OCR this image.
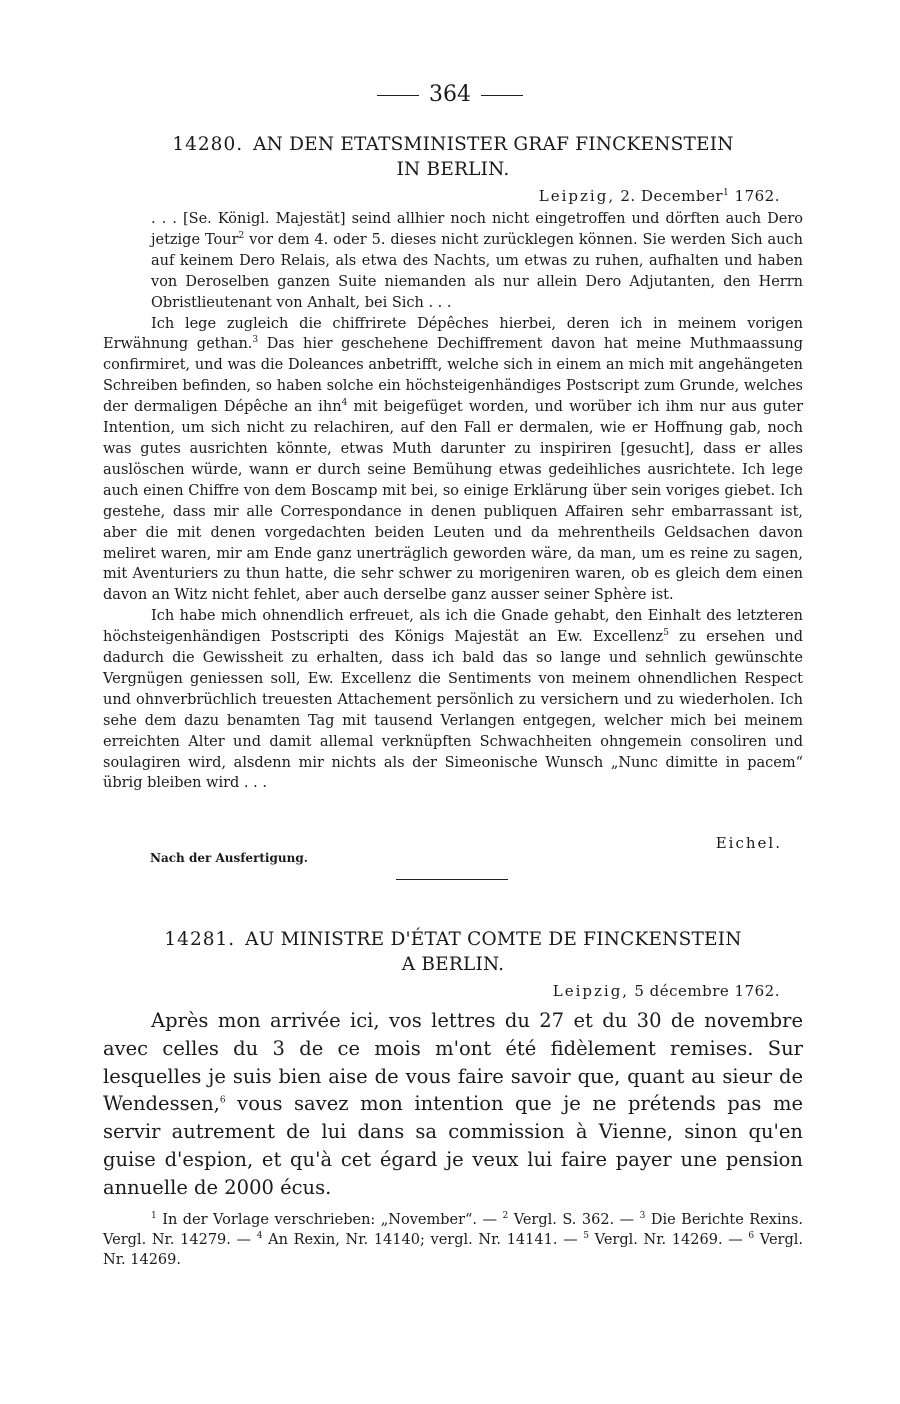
364
14280. AN DEN ETATSMINISTER GRAF FINCKENSTEIN
IN BERLIN.
Leipzig, 2. December$^1$ 1762.

. . . [Se. Königl. Majestät] seind allhier noch nicht eingetroffen und dörften auch Dero jetzige Tour$^2$ vor dem 4. oder 5. dieses nicht zurücklegen können. Sie werden Sich auch auf keinem Dero Relais, als etwa des Nachts, um etwas zu ruhen, aufhalten und haben von Deroselben ganzen Suite niemanden als nur allein Dero Adjutanten, den Herrn Obristlieutenant von Anhalt, bei Sich . . .

Ich lege zugleich die chiffrirete Dépêches hierbei, deren ich in meinem vorigen Erwähnung gethan.$^3$ Das hier geschehene Dechiffrement davon hat meine Muthmaassung confirmiret, und was die Doleances anbetrifft, welche sich in einem an mich mit angehängeten Schreiben befinden, so haben solche ein höchsteigenhändiges Postscript zum Grunde, welches der dermaligen Dépêche an ihn$^4$ mit beigefüget worden, und worüber ich ihm nur aus guter Intention, um sich nicht zu relachiren, auf den Fall er dermalen, wie er Hoffnung gab, noch was gutes ausrichten könnte, etwas Muth darunter zu inspiriren [gesucht], dass er alles auslöschen würde, wann er durch seine Bemühung etwas gedeihliches ausrichtete. Ich lege auch einen Chiffre von dem Boscamp mit bei, so einige Erklärung über sein voriges giebet. Ich gestehe, dass mir alle Correspondance in denen publiquen Affairen sehr embarrassant ist, aber die mit denen vorgedachten beiden Leuten und da mehrentheils Geldsachen davon meliret waren, mir am Ende ganz unerträglich geworden wäre, da man, um es reine zu sagen, mit Aventuriers zu thun hatte, die sehr schwer zu morigeniren waren, ob es gleich dem einen davon an Witz nicht fehlet, aber auch derselbe ganz ausser seiner Sphère ist.

Ich habe mich ohnendlich erfreuet, als ich die Gnade gehabt, den Einhalt des letzteren höchsteigenhändigen Postscripti des Königs Majestät an Ew. Excellenz$^5$ zu ersehen und dadurch die Gewissheit zu erhalten, dass ich bald das so lange und sehnlich gewünschte Vergnügen geniessen soll, Ew. Excellenz die Sentiments von meinem ohnendlichen Respect und ohnverbrüchlich treuesten Attachement persönlich zu versichern und zu wiederholen. Ich sehe dem dazu benamten Tag mit tausend Verlangen entgegen, welcher mich bei meinem erreichten Alter und damit allemal verknüpften Schwachheiten ohngemein consoliren und soulagiren wird, alsdenn mir nichts als der Simeonische Wunsch „Nunc dimitte in pacem“ übrig bleiben wird . . .

Eichel.
Nach der Ausfertigung.
14281. AU MINISTRE D'ÉTAT COMTE DE FINCKENSTEIN
A BERLIN.
Leipzig, 5 décembre 1762.

Après mon arrivée ici, vos lettres du 27 et du 30 de novembre avec celles du 3 de ce mois m'ont été fidèlement remises. Sur lesquelles je suis bien aise de vous faire savoir que, quant au sieur de Wendessen,$^6$ vous savez mon intention que je ne prétends pas me servir autrement de lui dans sa commission à Vienne, sinon qu'en guise d'espion, et qu'à cet égard je veux lui faire payer une pension annuelle de 2000 écus.

$^1$ In der Vorlage verschrieben: „November“. — $^2$ Vergl. S. 362. — $^3$ Die Berichte Rexins. Vergl. Nr. 14279. — $^4$ An Rexin, Nr. 14140; vergl. Nr. 14141. — $^5$ Vergl. Nr. 14269. — $^6$ Vergl. Nr. 14269.
